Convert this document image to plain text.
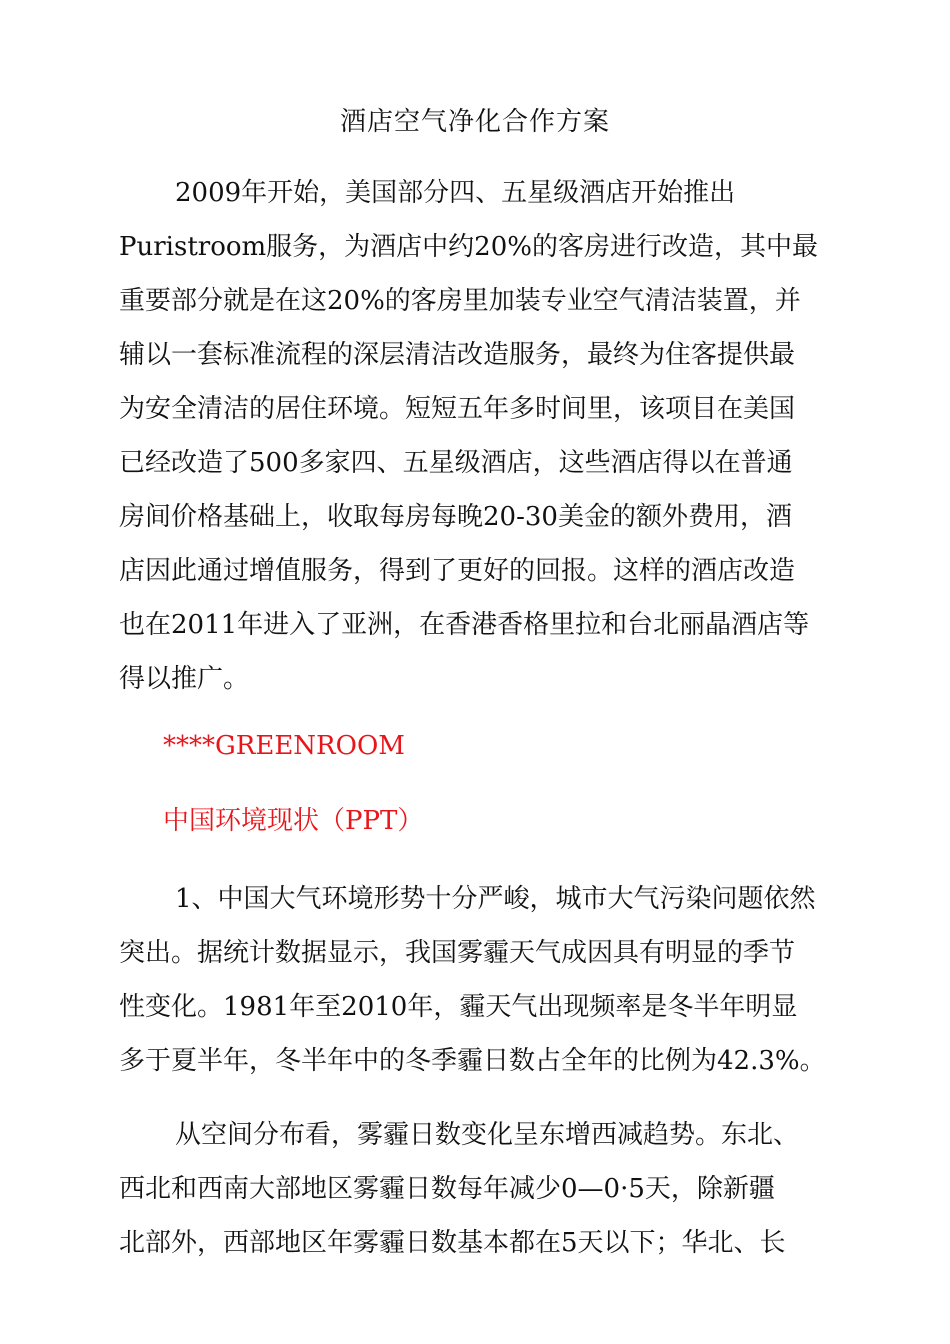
酒店空气净化合作方案
2009年开始，美国部分四、五星级酒店开始推出
Puristroom服务，为酒店中约20%的客房进行改造，其中最
重要部分就是在这20%的客房里加装专业空气清洁装置，并
辅以一套标准流程的深层清洁改造服务，最终为住客提供最
为安全清洁的居住环境。短短五年多时间里，该项目在美国
已经改造了500多家四、五星级酒店，这些酒店得以在普通
房间价格基础上，收取每房每晚20-30美金的额外费用，酒
店因此通过增值服务，得到了更好的回报。这样的酒店改造
也在2011年进入了亚洲，在香港香格里拉和台北丽晶酒店等
得以推广。
****GREENROOM
中国环境现状（PPT）
1、中国大气环境形势十分严峻，城市大气污染问题依然
突出。据统计数据显示，我国雾霾天气成因具有明显的季节
性变化。1981年至2010年，霾天气出现频率是冬半年明显
多于夏半年，冬半年中的冬季霾日数占全年的比例为42.3%。
从空间分布看，雾霾日数变化呈东增西减趋势。东北、
西北和西南大部地区雾霾日数每年减少0—0·5天，除新疆
北部外，西部地区年雾霾日数基本都在5天以下；华北、长
